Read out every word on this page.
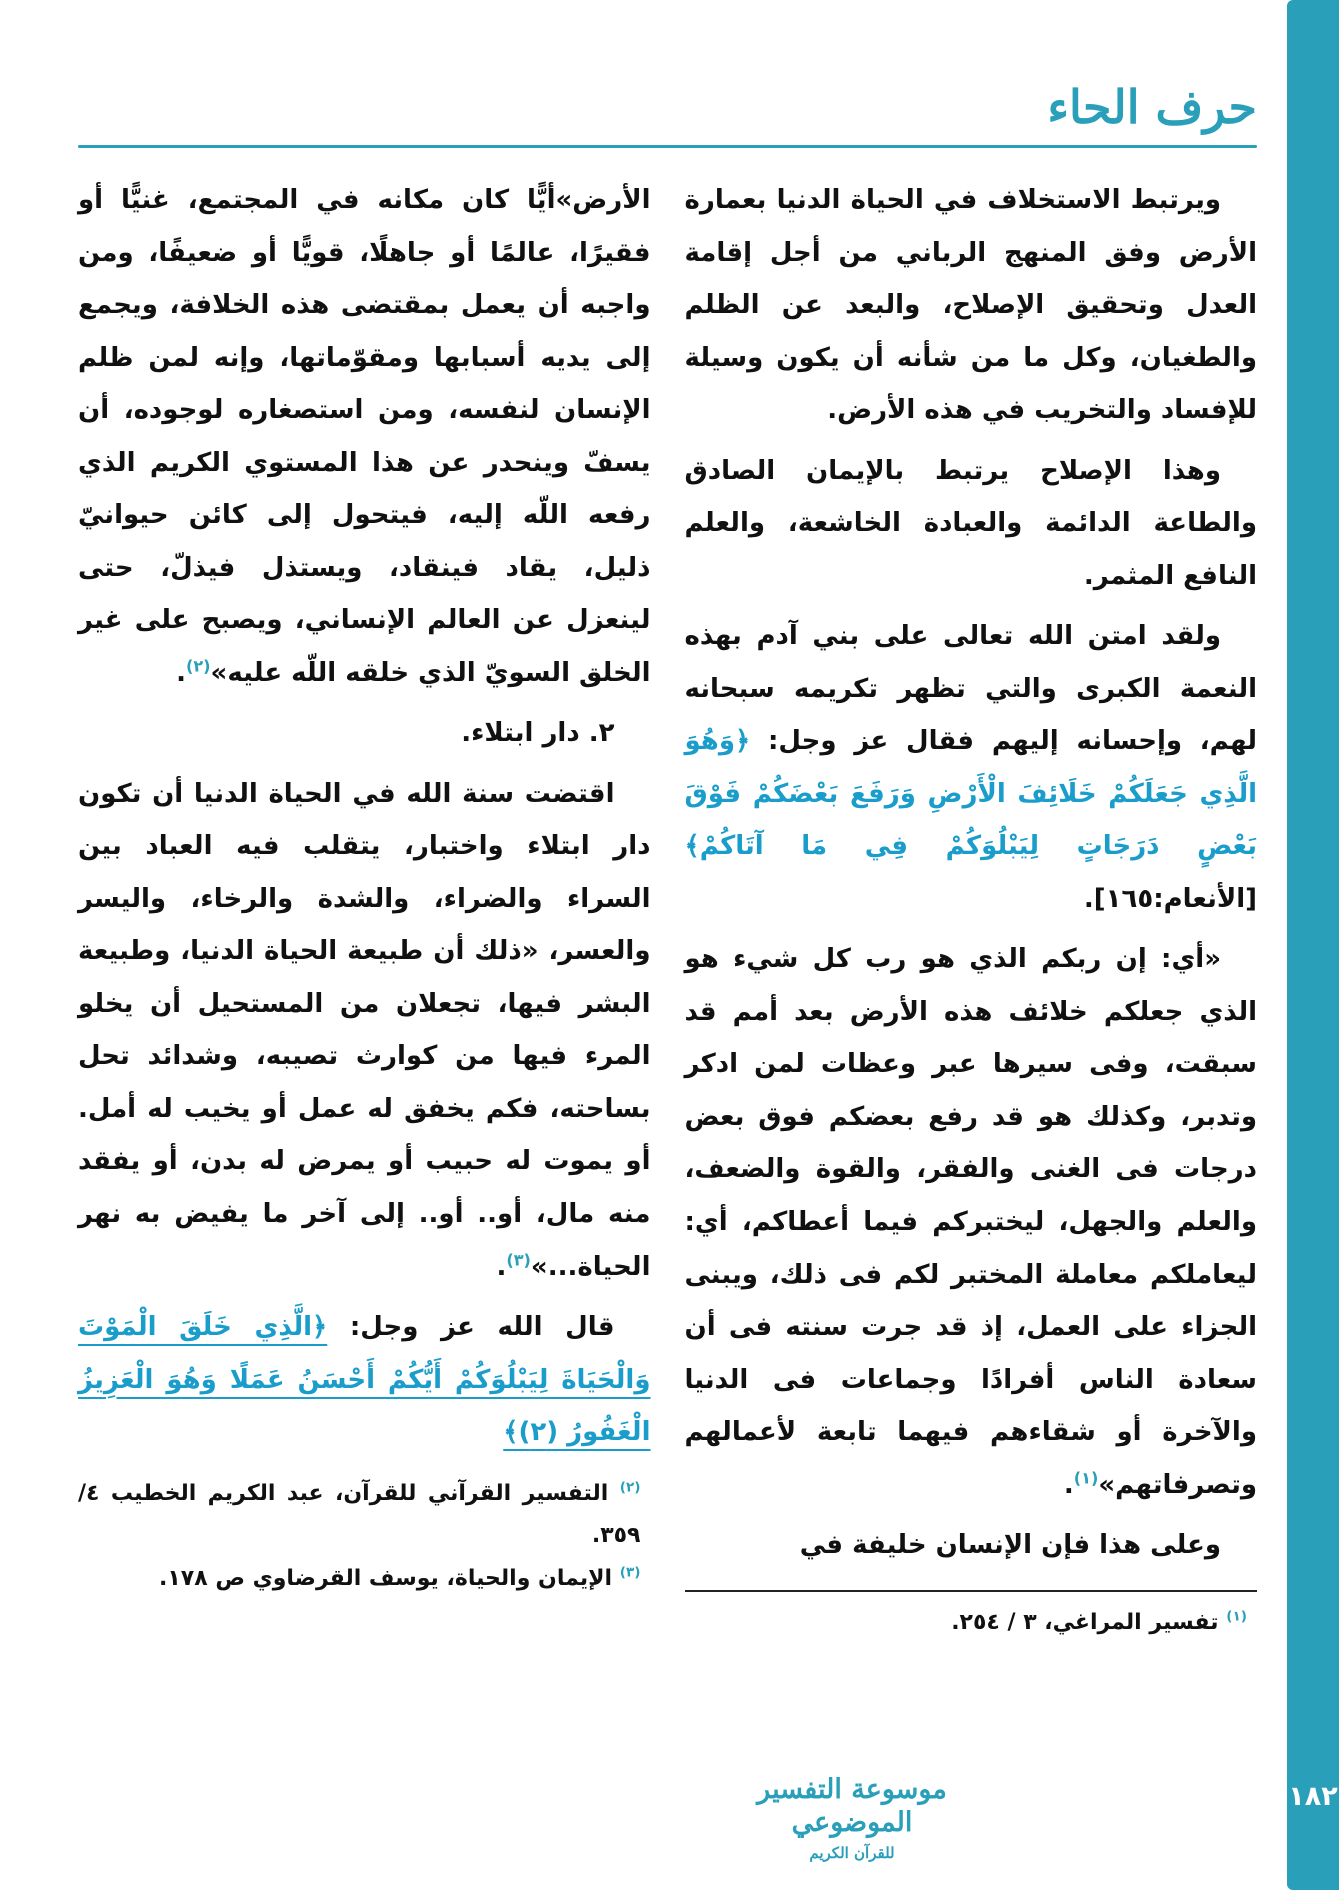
حرف الحاء

ويرتبط الاستخلاف في الحياة الدنيا بعمارة الأرض وفق المنهج الرباني من أجل إقامة العدل وتحقيق الإصلاح، والبعد عن الظلم والطغيان، وكل ما من شأنه أن يكون وسيلة للإفساد والتخريب في هذه الأرض.

وهذا الإصلاح يرتبط بالإيمان الصادق والطاعة الدائمة والعبادة الخاشعة، والعلم النافع المثمر.

ولقد امتن الله تعالى على بني آدم بهذه النعمة الكبرى والتي تظهر تكريمه سبحانه لهم، وإحسانه إليهم فقال عز وجل: ﴿وَهُوَ الَّذِي جَعَلَكُمْ خَلَائِفَ الْأَرْضِ وَرَفَعَ بَعْضَكُمْ فَوْقَ بَعْضٍ دَرَجَاتٍ لِيَبْلُوَكُمْ فِي مَا آتَاكُمْ﴾ [الأنعام:١٦٥].

«أي: إن ربكم الذي هو رب كل شيء هو الذي جعلكم خلائف هذه الأرض بعد أمم قد سبقت، وفى سيرها عبر وعظات لمن ادكر وتدبر، وكذلك هو قد رفع بعضكم فوق بعض درجات فى الغنى والفقر، والقوة والضعف، والعلم والجهل، ليختبركم فيما أعطاكم، أي: ليعاملكم معاملة المختبر لكم فى ذلك، ويبنى الجزاء على العمل، إذ قد جرت سنته فى أن سعادة الناس أفرادًا وجماعات فى الدنيا والآخرة أو شقاءهم فيهما تابعة لأعمالهم وتصرفاتهم»$^{(١)}$.

وعلى هذا فإن الإنسان خليفة في

$^{(١)}$ تفسير المراغي، ٣ / ٢٥٤.

الأرض»أيًّا كان مكانه في المجتمع، غنيًّا أو فقيرًا، عالمًا أو جاهلًا، قويًّا أو ضعيفًا، ومن واجبه أن يعمل بمقتضى هذه الخلافة، ويجمع إلى يديه أسبابها ومقوّماتها، وإنه لمن ظلم الإنسان لنفسه، ومن استصغاره لوجوده، أن يسفّ وينحدر عن هذا المستوي الكريم الذي رفعه اللّه إليه، فيتحول إلى كائن حيوانيّ ذليل، يقاد فينقاد، ويستذل فيذلّ، حتى لينعزل عن العالم الإنساني، ويصبح على غير الخلق السويّ الذي خلقه اللّه عليه»$^{(٢)}$.

٢. دار ابتلاء.

اقتضت سنة الله في الحياة الدنيا أن تكون دار ابتلاء واختبار، يتقلب فيه العباد بين السراء والضراء، والشدة والرخاء، واليسر والعسر، «ذلك أن طبيعة الحياة الدنيا، وطبيعة البشر فيها، تجعلان من المستحيل أن يخلو المرء فيها من كوارث تصيبه، وشدائد تحل بساحته، فكم يخفق له عمل أو يخيب له أمل. أو يموت له حبيب أو يمرض له بدن، أو يفقد منه مال، أو.. أو.. إلى آخر ما يفيض به نهر الحياة...»$^{(٣)}$.

قال الله عز وجل: ﴿الَّذِي خَلَقَ الْمَوْتَ وَالْحَيَاةَ لِيَبْلُوَكُمْ أَيُّكُمْ أَحْسَنُ عَمَلًا وَهُوَ الْعَزِيزُ الْغَفُورُ (٢)﴾

$^{(٢)}$ التفسير القرآني للقرآن، عبد الكريم الخطيب ٤/ ٣٥٩.

$^{(٣)}$ الإيمان والحياة، يوسف القرضاوي ص ١٧٨.

موسوعة التفسير الموضوعي
للقرآن الكريم
١٨٢
